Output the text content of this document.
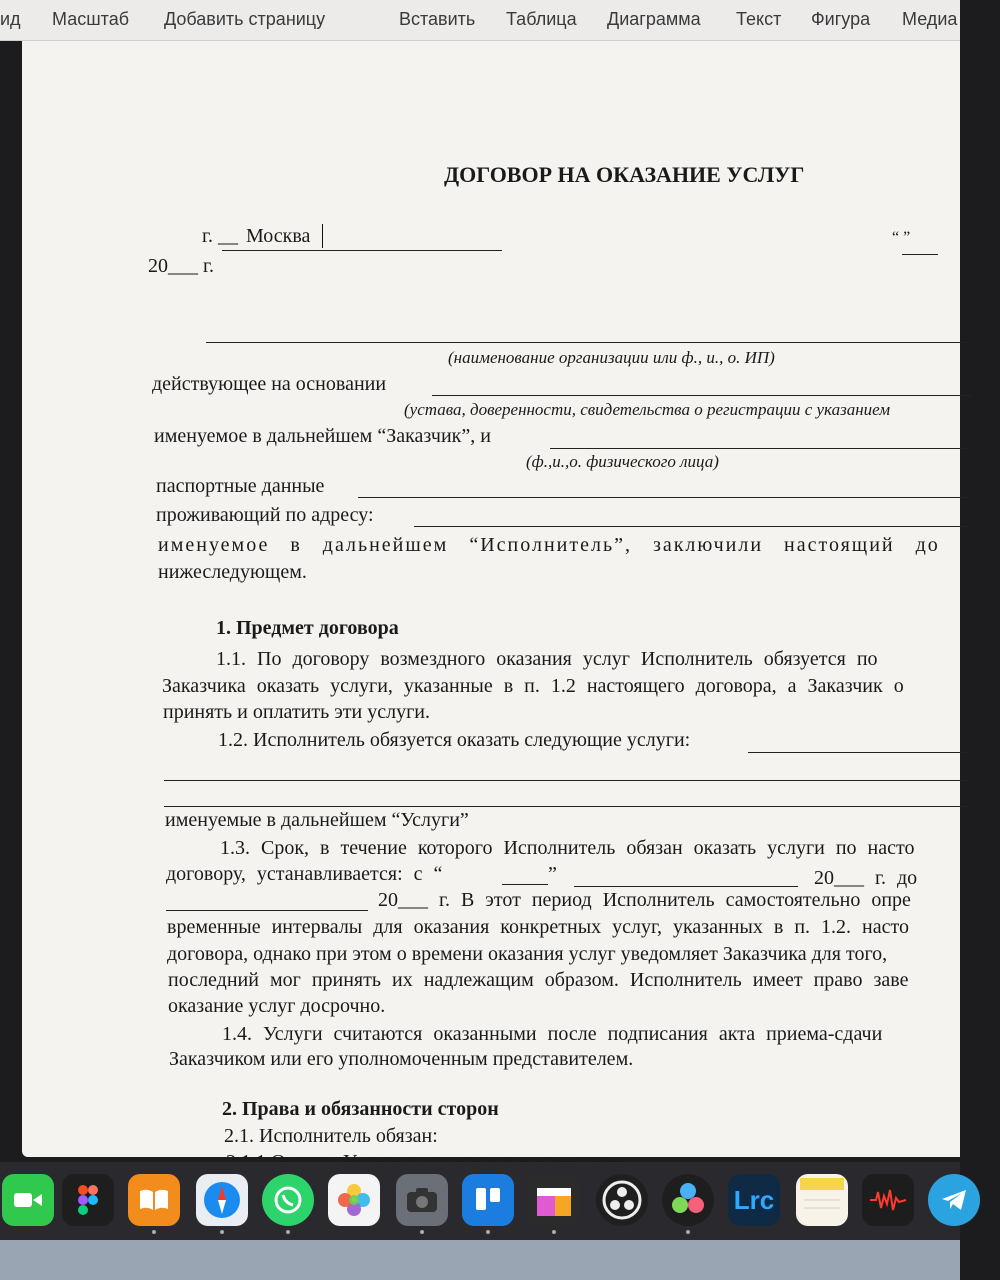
ид Масштаб Добавить страницу	Вставить Таблица Диаграмма Текст Фигура Медиа
ДОГОВОР НА ОКАЗАНИЕ УСЛУГ
г. __ Москва	“ ”
20___ г.
(наименование организации или ф., и., о. ИП)
действующее на основании
(устава, доверенности, свидетельства о регистрации с указанием
именуемое в дальнейшем “Заказчик”, и
(ф.,и.,о. физического лица)
паспортные данные
проживающий по адресу:
именуемое в дальнейшем “Исполнитель”, заключили настоящий до
нижеследующем.
1. Предмет договора
1.1. По договору возмездного оказания услуг Исполнитель обязуется по
Заказчика оказать услуги, указанные в п. 1.2 настоящего договора, а Заказчик о
принять и оплатить эти услуги.
1.2. Исполнитель обязуется оказать следующие услуги:
именуемые в дальнейшем “Услуги”
1.3. Срок, в течение которого Исполнитель обязан оказать услуги по насто
договору, устанавливается: с “	”	20___ г. до
20___ г. В этот период Исполнитель самостоятельно опре
временные интервалы для оказания конкретных услуг, указанных в п. 1.2. насто
договора, однако при этом о времени оказания услуг уведомляет Заказчика для того,
последний мог принять их надлежащим образом. Исполнитель имеет право заве
оказание услуг досрочно.
1.4. Услуги считаются оказанными после подписания акта приема-сдачи
Заказчиком или его уполномоченным представителем.
2. Права и обязанности сторон
2.1. Исполнитель обязан:
Lrc
